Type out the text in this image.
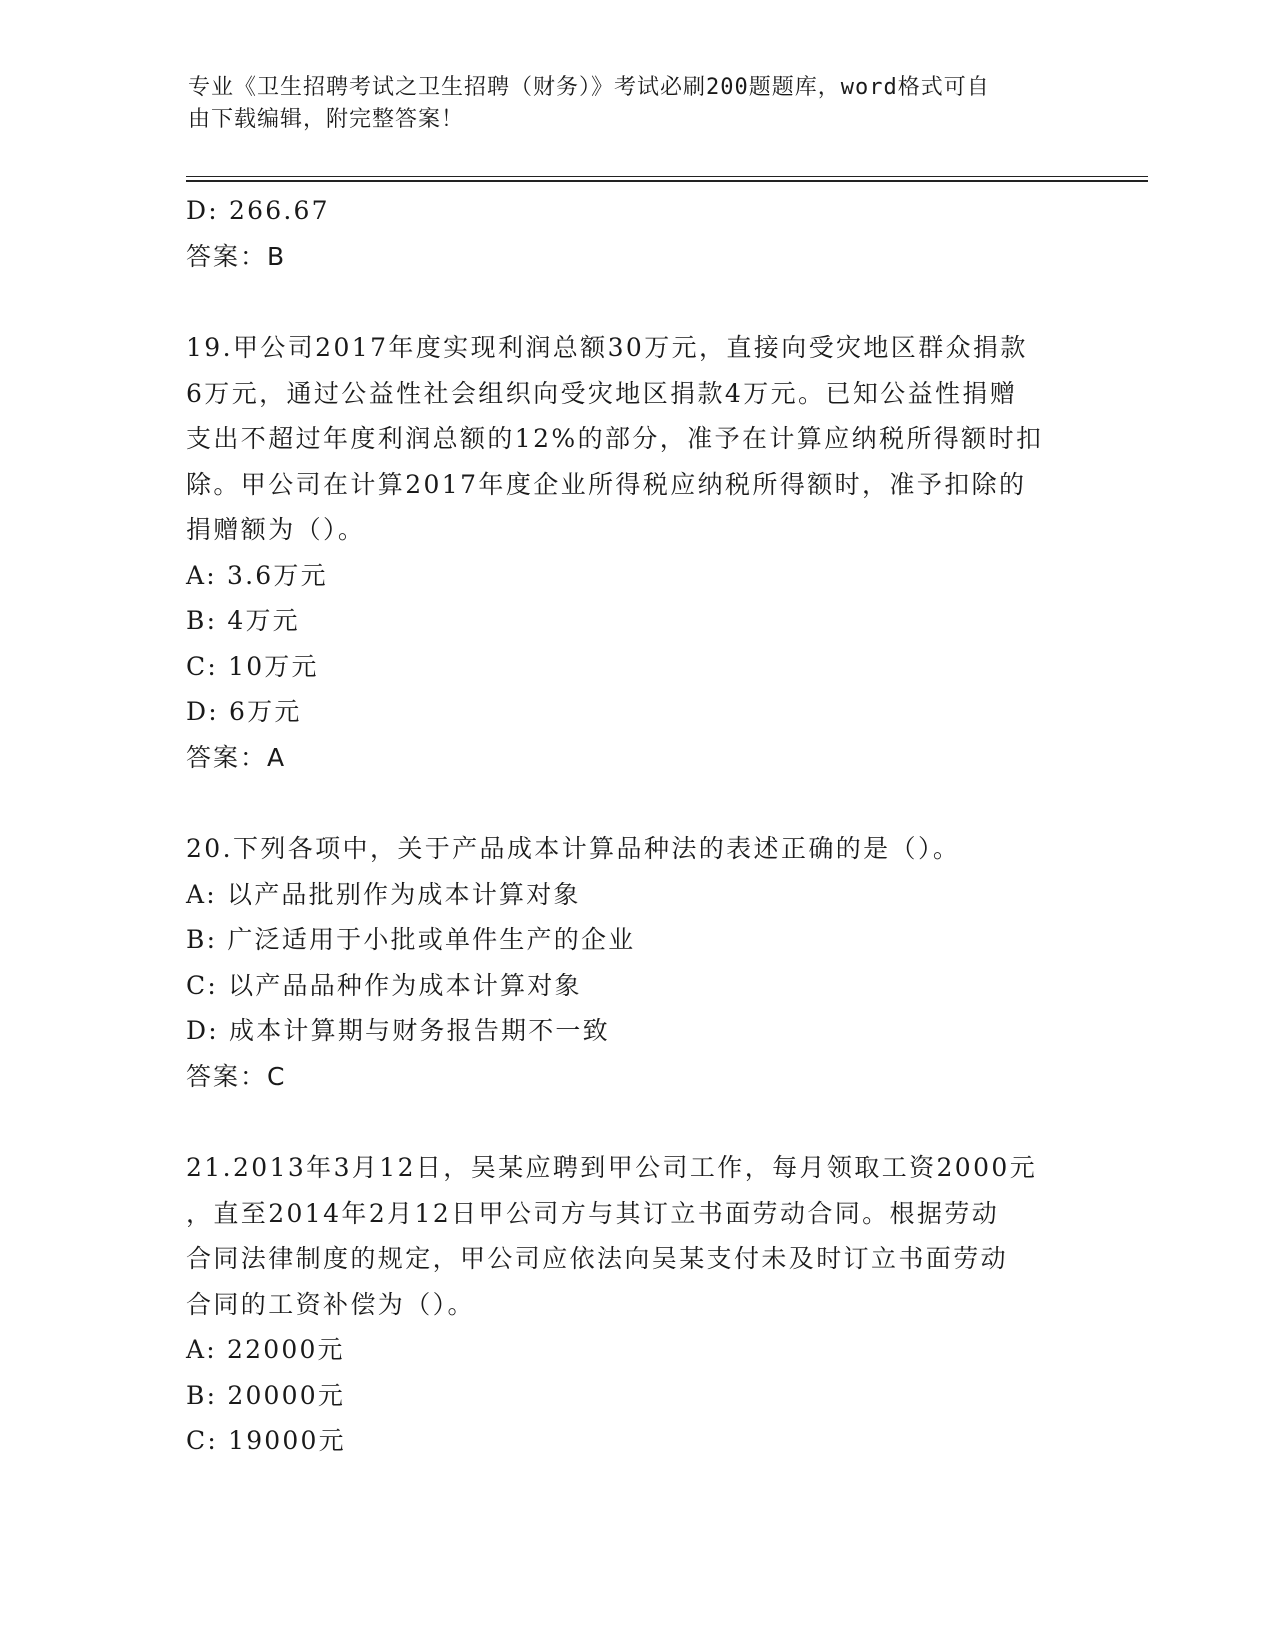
专业《卫生招聘考试之卫生招聘（财务）》考试必刷200题题库，word格式可自
由下载编辑，附完整答案！
D: 266.67
答案：B
19.甲公司2017年度实现利润总额30万元，直接向受灾地区群众捐款
6万元，通过公益性社会组织向受灾地区捐款4万元。已知公益性捐赠
支出不超过年度利润总额的12%的部分，准予在计算应纳税所得额时扣
除。甲公司在计算2017年度企业所得税应纳税所得额时，准予扣除的
捐赠额为（）。
A: 3.6万元
B: 4万元
C: 10万元
D: 6万元
答案：A
20.下列各项中，关于产品成本计算品种法的表述正确的是（）。
A: 以产品批别作为成本计算对象
B: 广泛适用于小批或单件生产的企业
C: 以产品品种作为成本计算对象
D: 成本计算期与财务报告期不一致
答案：C
21.2013年3月12日，吴某应聘到甲公司工作，每月领取工资2000元
，直至2014年2月12日甲公司方与其订立书面劳动合同。根据劳动
合同法律制度的规定，甲公司应依法向吴某支付未及时订立书面劳动
合同的工资补偿为（）。
A: 22000元
B: 20000元
C: 19000元
